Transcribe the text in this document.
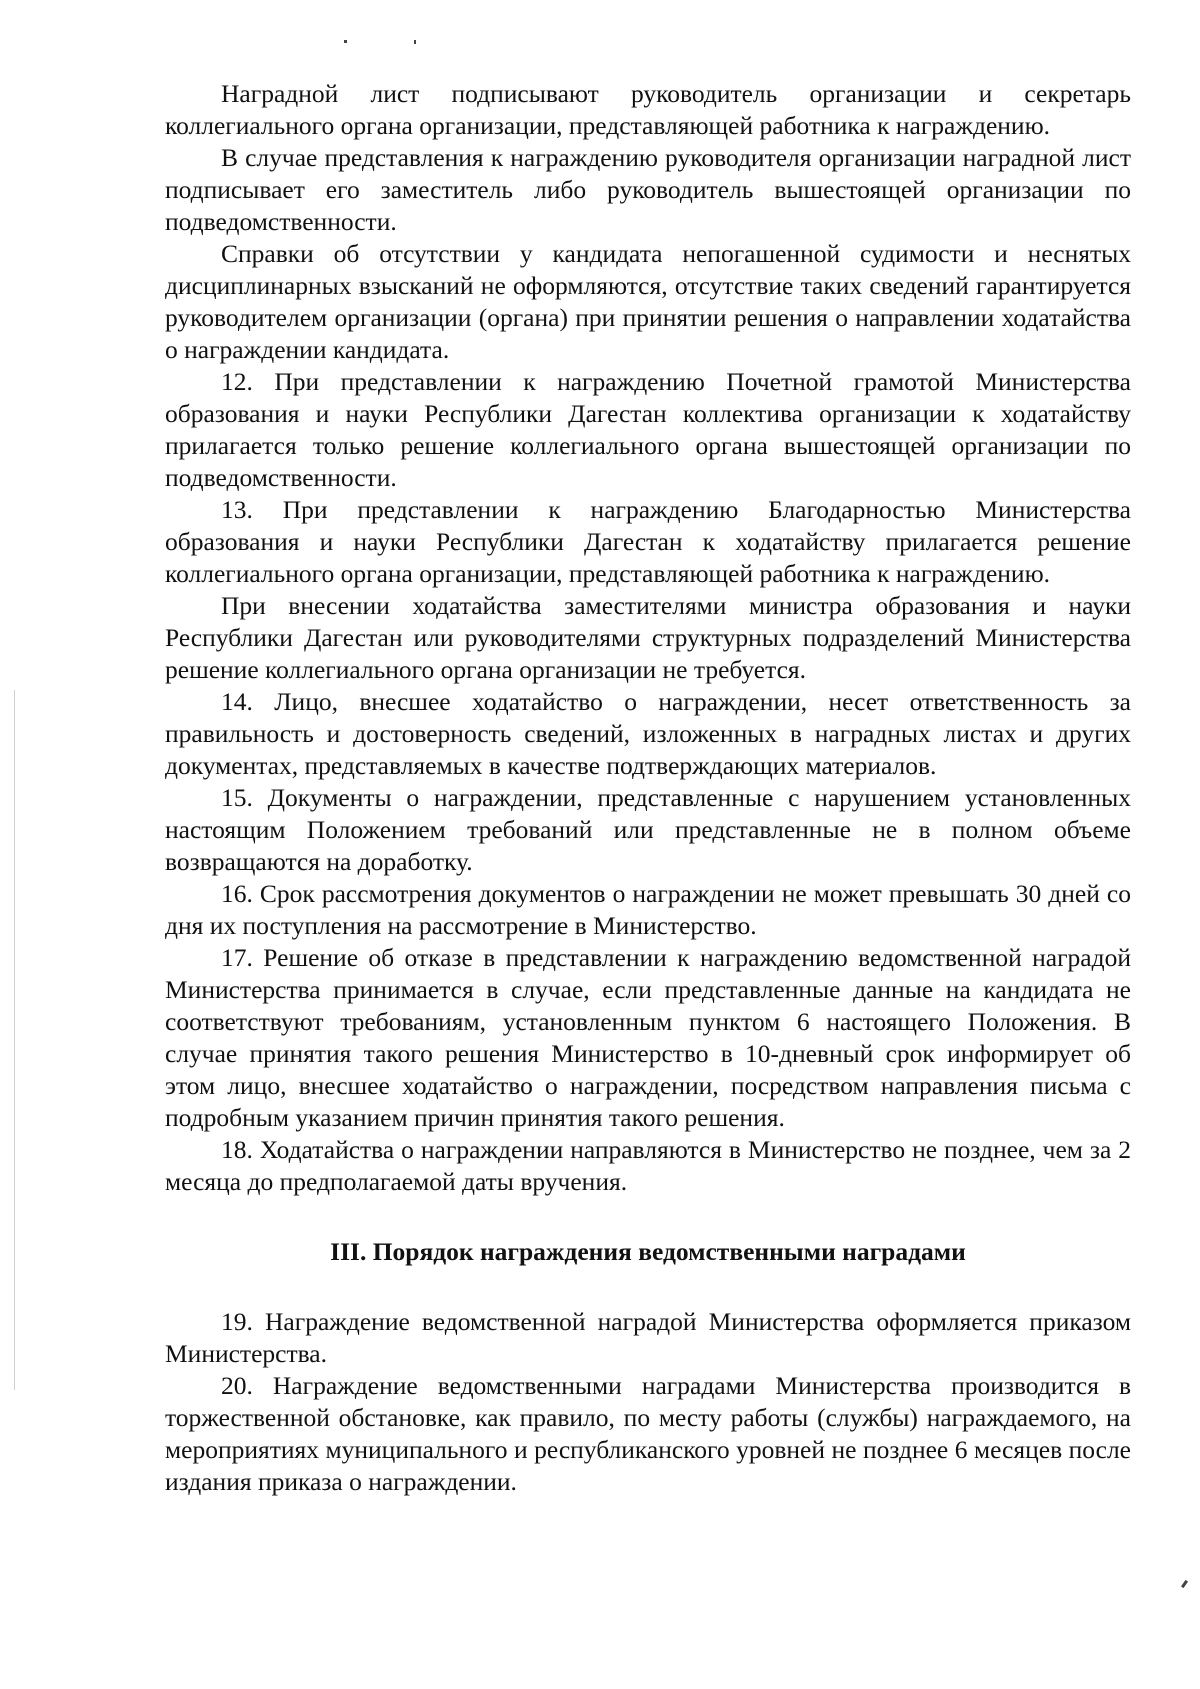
Наградной лист подписывают руководитель организации и секретарь коллегиального органа организации, представляющей работника к награждению.

В случае представления к награждению руководителя организации наградной лист подписывает его заместитель либо руководитель вышестоящей организации по подведомственности.

Справки об отсутствии у кандидата непогашенной судимости и неснятых дисциплинарных взысканий не оформляются, отсутствие таких сведений гарантируется руководителем организации (органа) при принятии решения о направлении ходатайства о награждении кандидата.

12. При представлении к награждению Почетной грамотой Министерства образования и науки Республики Дагестан коллектива организации к ходатайству прилагается только решение коллегиального органа вышестоящей организации по подведомственности.

13. При представлении к награждению Благодарностью Министерства образования и науки Республики Дагестан к ходатайству прилагается решение коллегиального органа организации, представляющей работника к награждению.

При внесении ходатайства заместителями министра образования и науки Республики Дагестан или руководителями структурных подразделений Министерства решение коллегиального органа организации не требуется.

14. Лицо, внесшее ходатайство о награждении, несет ответственность за правильность и достоверность сведений, изложенных в наградных листах и других документах, представляемых в качестве подтверждающих материалов.

15. Документы о награждении, представленные с нарушением установленных настоящим Положением требований или представленные не в полном объеме возвращаются на доработку.

16. Срок рассмотрения документов о награждении не может превышать 30 дней со дня их поступления на рассмотрение в Министерство.

17. Решение об отказе в представлении к награждению ведомственной наградой Министерства принимается в случае, если представленные данные на кандидата не соответствуют требованиям, установленным пунктом 6 настоящего Положения. В случае принятия такого решения Министерство в 10-дневный срок информирует об этом лицо, внесшее ходатайство о награждении, посредством направления письма с подробным указанием причин принятия такого решения.

18. Ходатайства о награждении направляются в Министерство не позднее, чем за 2 месяца до предполагаемой даты вручения.

III. Порядок награждения ведомственными наградами

19. Награждение ведомственной наградой Министерства оформляется приказом Министерства.

20. Награждение ведомственными наградами Министерства производится в торжественной обстановке, как правило, по месту работы (службы) награждаемого, на мероприятиях муниципального и республиканского уровней не позднее 6 месяцев после издания приказа о награждении.
